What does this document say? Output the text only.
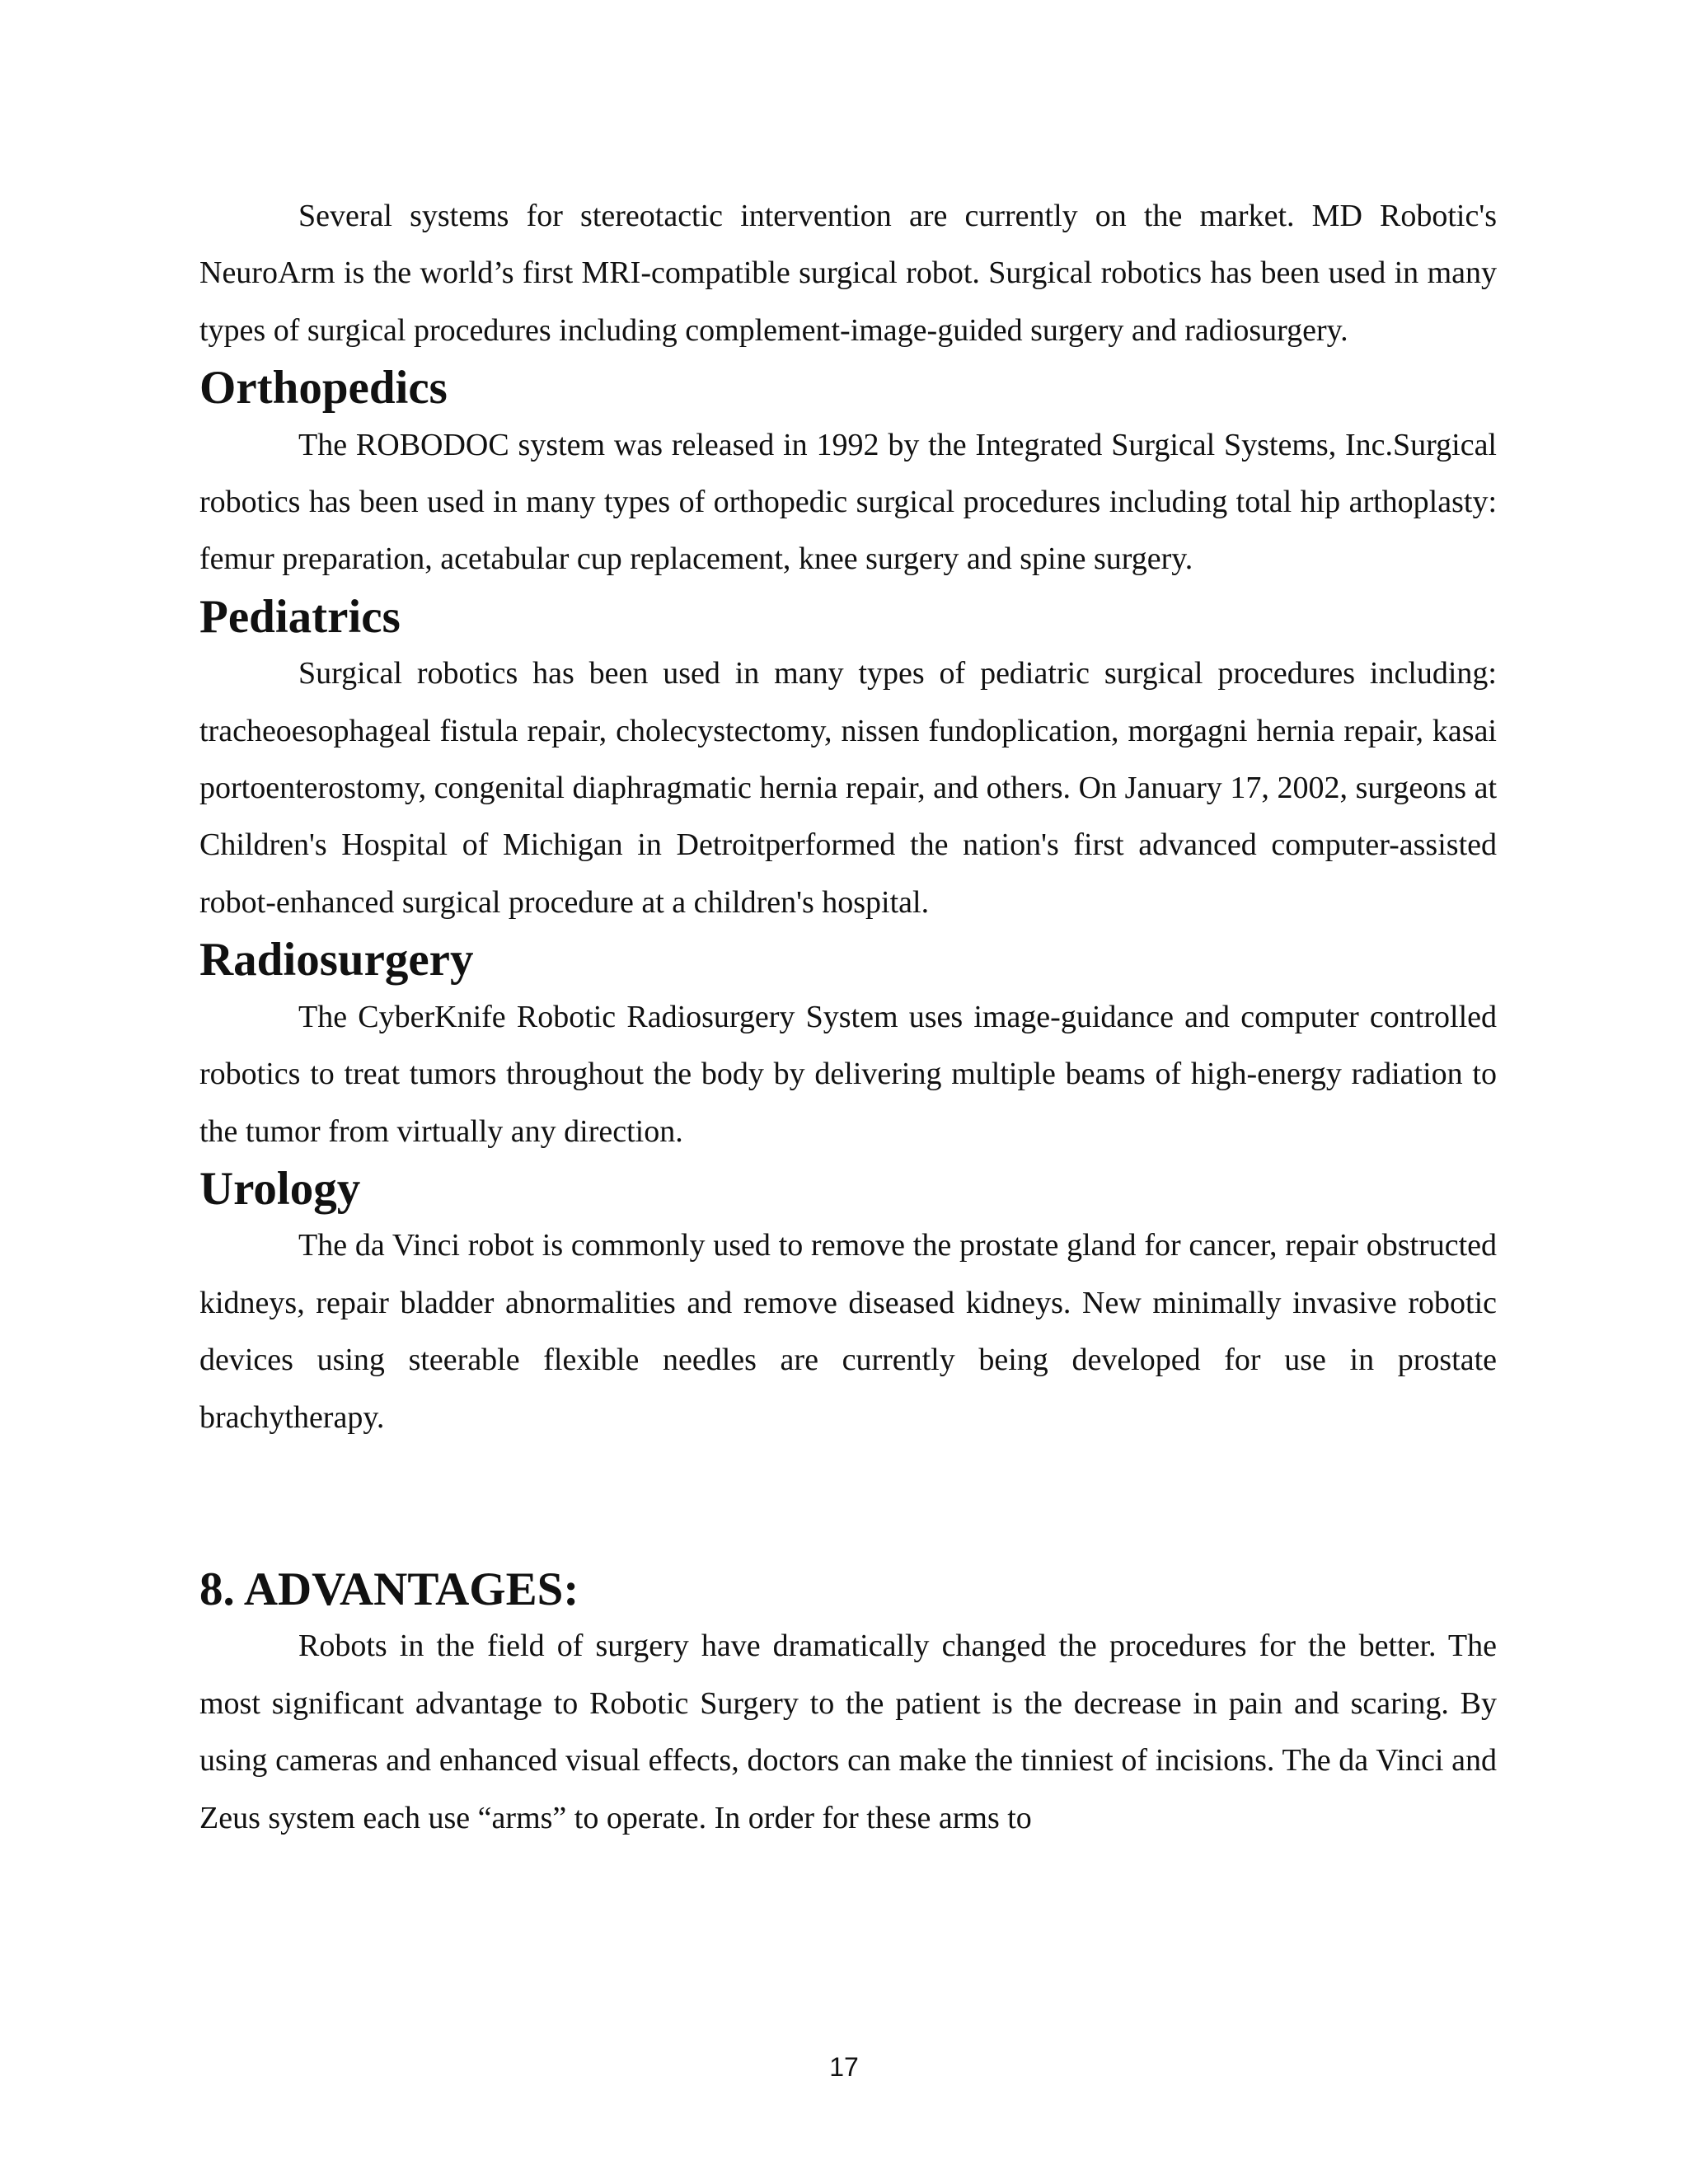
Several systems for stereotactic intervention are currently on the market. MD Robotic's NeuroArm is the world’s first MRI-compatible surgical robot. Surgical robotics has been used in many types of surgical procedures including complement-image-guided surgery and radiosurgery.

Orthopedics

The ROBODOC system was released in 1992 by the Integrated Surgical Systems, Inc.Surgical robotics has been used in many types of orthopedic surgical procedures including total hip arthoplasty: femur preparation, acetabular cup replacement, knee surgery and spine surgery.

Pediatrics

Surgical robotics has been used in many types of pediatric surgical procedures including: tracheoesophageal fistula repair, cholecystectomy, nissen fundoplication, morgagni hernia repair, kasai portoenterostomy, congenital diaphragmatic hernia repair, and others. On January 17, 2002, surgeons at Children's Hospital of Michigan in Detroitperformed the nation's first advanced computer-assisted robot-enhanced surgical procedure at a children's hospital.

Radiosurgery

The CyberKnife Robotic Radiosurgery System uses image-guidance and computer controlled robotics to treat tumors throughout the body by delivering multiple beams of high-energy radiation to the tumor from virtually any direction.

Urology

The da Vinci robot is commonly used to remove the prostate gland for cancer, repair obstructed kidneys, repair bladder abnormalities and remove diseased kidneys. New minimally invasive robotic devices using steerable flexible needles are currently being developed for use in prostate brachytherapy.

8. ADVANTAGES:

Robots in the field of surgery have dramatically changed the procedures for the better. The most significant advantage to Robotic Surgery to the patient is the decrease in pain and scaring. By using cameras and enhanced visual effects, doctors can make the tinniest of incisions. The da Vinci and Zeus system each use “arms” to operate. In order for these arms to

17
